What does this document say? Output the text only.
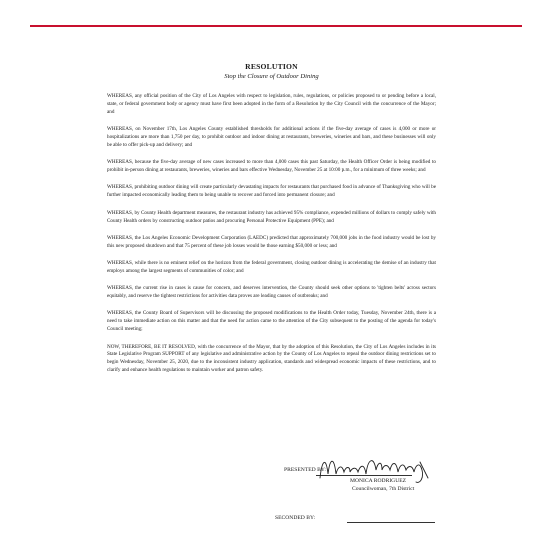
RESOLUTION

Stop the Closure of Outdoor Dining

WHEREAS, any official position of the City of Los Angeles with respect to legislation, rules, regulations, or policies proposed to or pending before a local, state, or federal government body or agency must have first been adopted in the form of a Resolution by the City Council with the concurrence of the Mayor; and

WHEREAS, on November 17th, Los Angeles County established thresholds for additional actions if the five-day average of cases is 4,000 or more or hospitalizations are more than 1,750 per day, to prohibit outdoor and indoor dining at restaurants, breweries, wineries and bars, and these businesses will only be able to offer pick-up and delivery; and

WHEREAS, because the five-day average of new cases increased to more than 4,000 cases this past Saturday, the Health Officer Order is being modified to prohibit in-person dining at restaurants, breweries, wineries and bars effective Wednesday, November 25 at 10:00 p.m., for a minimum of three weeks; and

WHEREAS, prohibiting outdoor dining will create particularly devastating impacts for restaurants that purchased food in advance of Thanksgiving who will be further impacted economically leading them to being unable to recover and forced into permanent closure; and

WHEREAS, by County Health department measures, the restaurant industry has achieved 95% compliance, expended millions of dollars to comply safely with County Health orders by constructing outdoor patios and procuring Personal Protective Equipment (PPE); and

WHEREAS, the Los Angeles Economic Development Corporation (LAEDC) predicted that approximately 700,000 jobs in the food industry would be lost by this new proposed shutdown and that 75 percent of these job losses would be those earning $50,000 or less; and

WHEREAS, while there is no eminent relief on the horizon from the federal government, closing outdoor dining is accelerating the demise of an industry that employs among the largest segments of communities of color; and

WHEREAS, the current rise in cases is cause for concern, and deserves intervention, the County should seek other options to 'tighten belts' across sectors equitably, and reserve the tightest restrictions for activities data proves are leading causes of outbreaks; and

WHEREAS, the County Board of Supervisors will be discussing the proposed modifications to the Health Order today, Tuesday, November 24th, there is a need to take immediate action on this matter and that the need for action came to the attention of the City subsequent to the posting of the agenda for today's Council meeting;

NOW, THEREFORE, BE IT RESOLVED, with the concurrence of the Mayor, that by the adoption of this Resolution, the City of Los Angeles includes in its State Legislative Program SUPPORT of any legislative and administrative action by the County of Los Angeles to repeal the outdoor dining restrictions set to begin Wednesday, November 25, 2020, due to the inconsistent industry application, standards and widespread economic impacts of these restrictions, and to clarify and enhance health regulations to maintain worker and patron safety.

PRESENTED BY:
MONICA RODRIGUEZ
Councilwoman, 7th District
SECONDED BY:
